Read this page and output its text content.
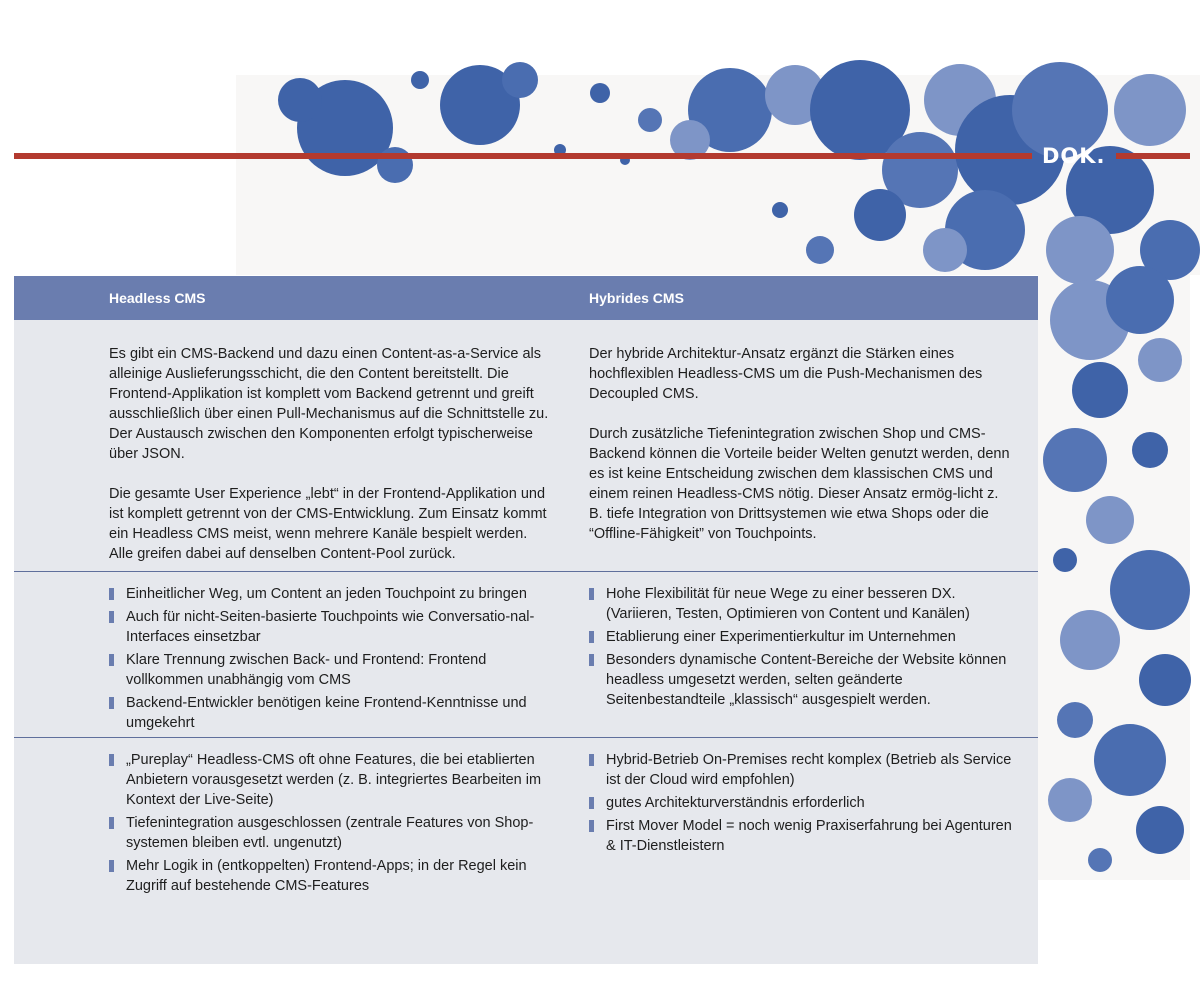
DOK.
Headless CMS	Hybrides CMS

Es gibt ein CMS-Backend und dazu einen Content-as-a-Service als alleinige Auslieferungsschicht, die den Content bereitstellt. Die Frontend-Applikation ist komplett vom Backend getrennt und greift ausschließlich über einen Pull-Mechanismus auf die Schnittstelle zu. Der Austausch zwischen den Komponenten erfolgt typischerweise über JSON.

Die gesamte User Experience „lebt“ in der Frontend-Applikation und ist komplett getrennt von der CMS-Entwicklung. Zum Einsatz kommt ein Headless CMS meist, wenn mehrere Kanäle bespielt werden. Alle greifen dabei auf denselben Content-Pool zurück.

Der hybride Architektur-Ansatz ergänzt die Stärken eines hochflexiblen Headless-CMS um die Push-Mechanismen des Decoupled CMS.

Durch zusätzliche Tiefenintegration zwischen Shop und CMS-Backend können die Vorteile beider Welten genutzt werden, denn es ist keine Entscheidung zwischen dem klassischen CMS und einem reinen Headless-CMS nötig. Dieser Ansatz ermög-licht z. B. tiefe Integration von Drittsystemen wie etwa Shops oder die “Offline-Fähigkeit” von Touchpoints.

Einheitlicher Weg, um Content an jeden Touchpoint zu bringen
Auch für nicht-Seiten-basierte Touchpoints wie Conversatio-nal-Interfaces einsetzbar
Klare Trennung zwischen Back- und Frontend: Frontend vollkommen unabhängig vom CMS
Backend-Entwickler benötigen keine Frontend-Kenntnisse und umgekehrt
Hohe Flexibilität für neue Wege zu einer besseren DX. (Variieren, Testen, Optimieren von Content und Kanälen)
Etablierung einer Experimentierkultur im Unternehmen
Besonders dynamische Content-Bereiche der Website können headless umgesetzt werden, selten geänderte Seitenbestandteile „klassisch“ ausgespielt werden.
„Pureplay“ Headless-CMS oft ohne Features, die bei etablierten Anbietern vorausgesetzt werden (z. B. integriertes Bearbeiten im Kontext der Live-Seite)
Tiefenintegration ausgeschlossen (zentrale Features von Shop-systemen bleiben evtl. ungenutzt)
Mehr Logik in (entkoppelten) Frontend-Apps; in der Regel kein Zugriff auf bestehende CMS-Features
Hybrid-Betrieb On-Premises recht komplex (Betrieb als Service ist der Cloud wird empfohlen)
gutes Architekturverständnis erforderlich
First Mover Model = noch wenig Praxiserfahrung bei Agenturen & IT-Dienstleistern
